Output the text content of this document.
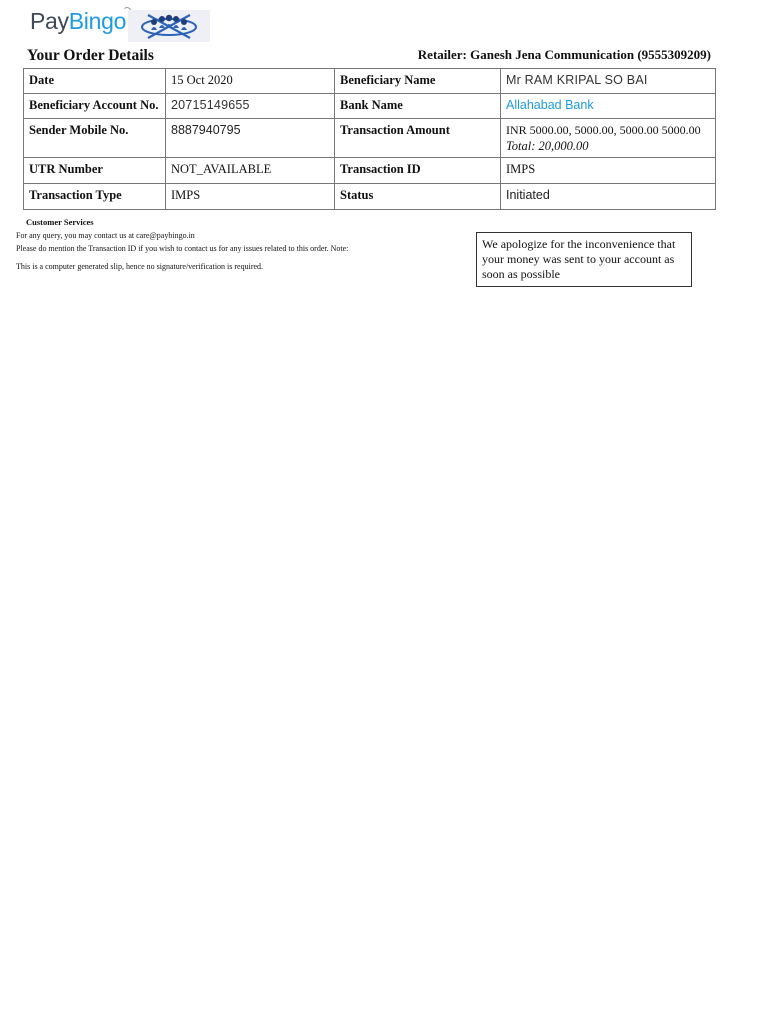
PayBingo
Your Order Details	Retailer: Ganesh Jena Communication (9555309209)
Date	15 Oct 2020	Beneficiary Name	Mr RAM KRIPAL SO BAI
Beneficiary Account No.	20715149655	Bank Name	Allahabad Bank
Sender Mobile No.	8887940795	Transaction Amount	INR 5000.00, 5000.00, 5000.00 5000.00
Total: 20,000.00

UTR Number	NOT_AVAILABLE	Transaction ID	IMPS
Transaction Type	IMPS	Status	Initiated
Customer Services
For any query, you may contact us at care@paybingo.in
Please do mention the Transaction ID if you wish to contact us for any issues related to this order. Note:
This is a computer generated slip, hence no signature/verification is required.
We apologize for the inconvenience that your money was sent to your account as soon as possible
